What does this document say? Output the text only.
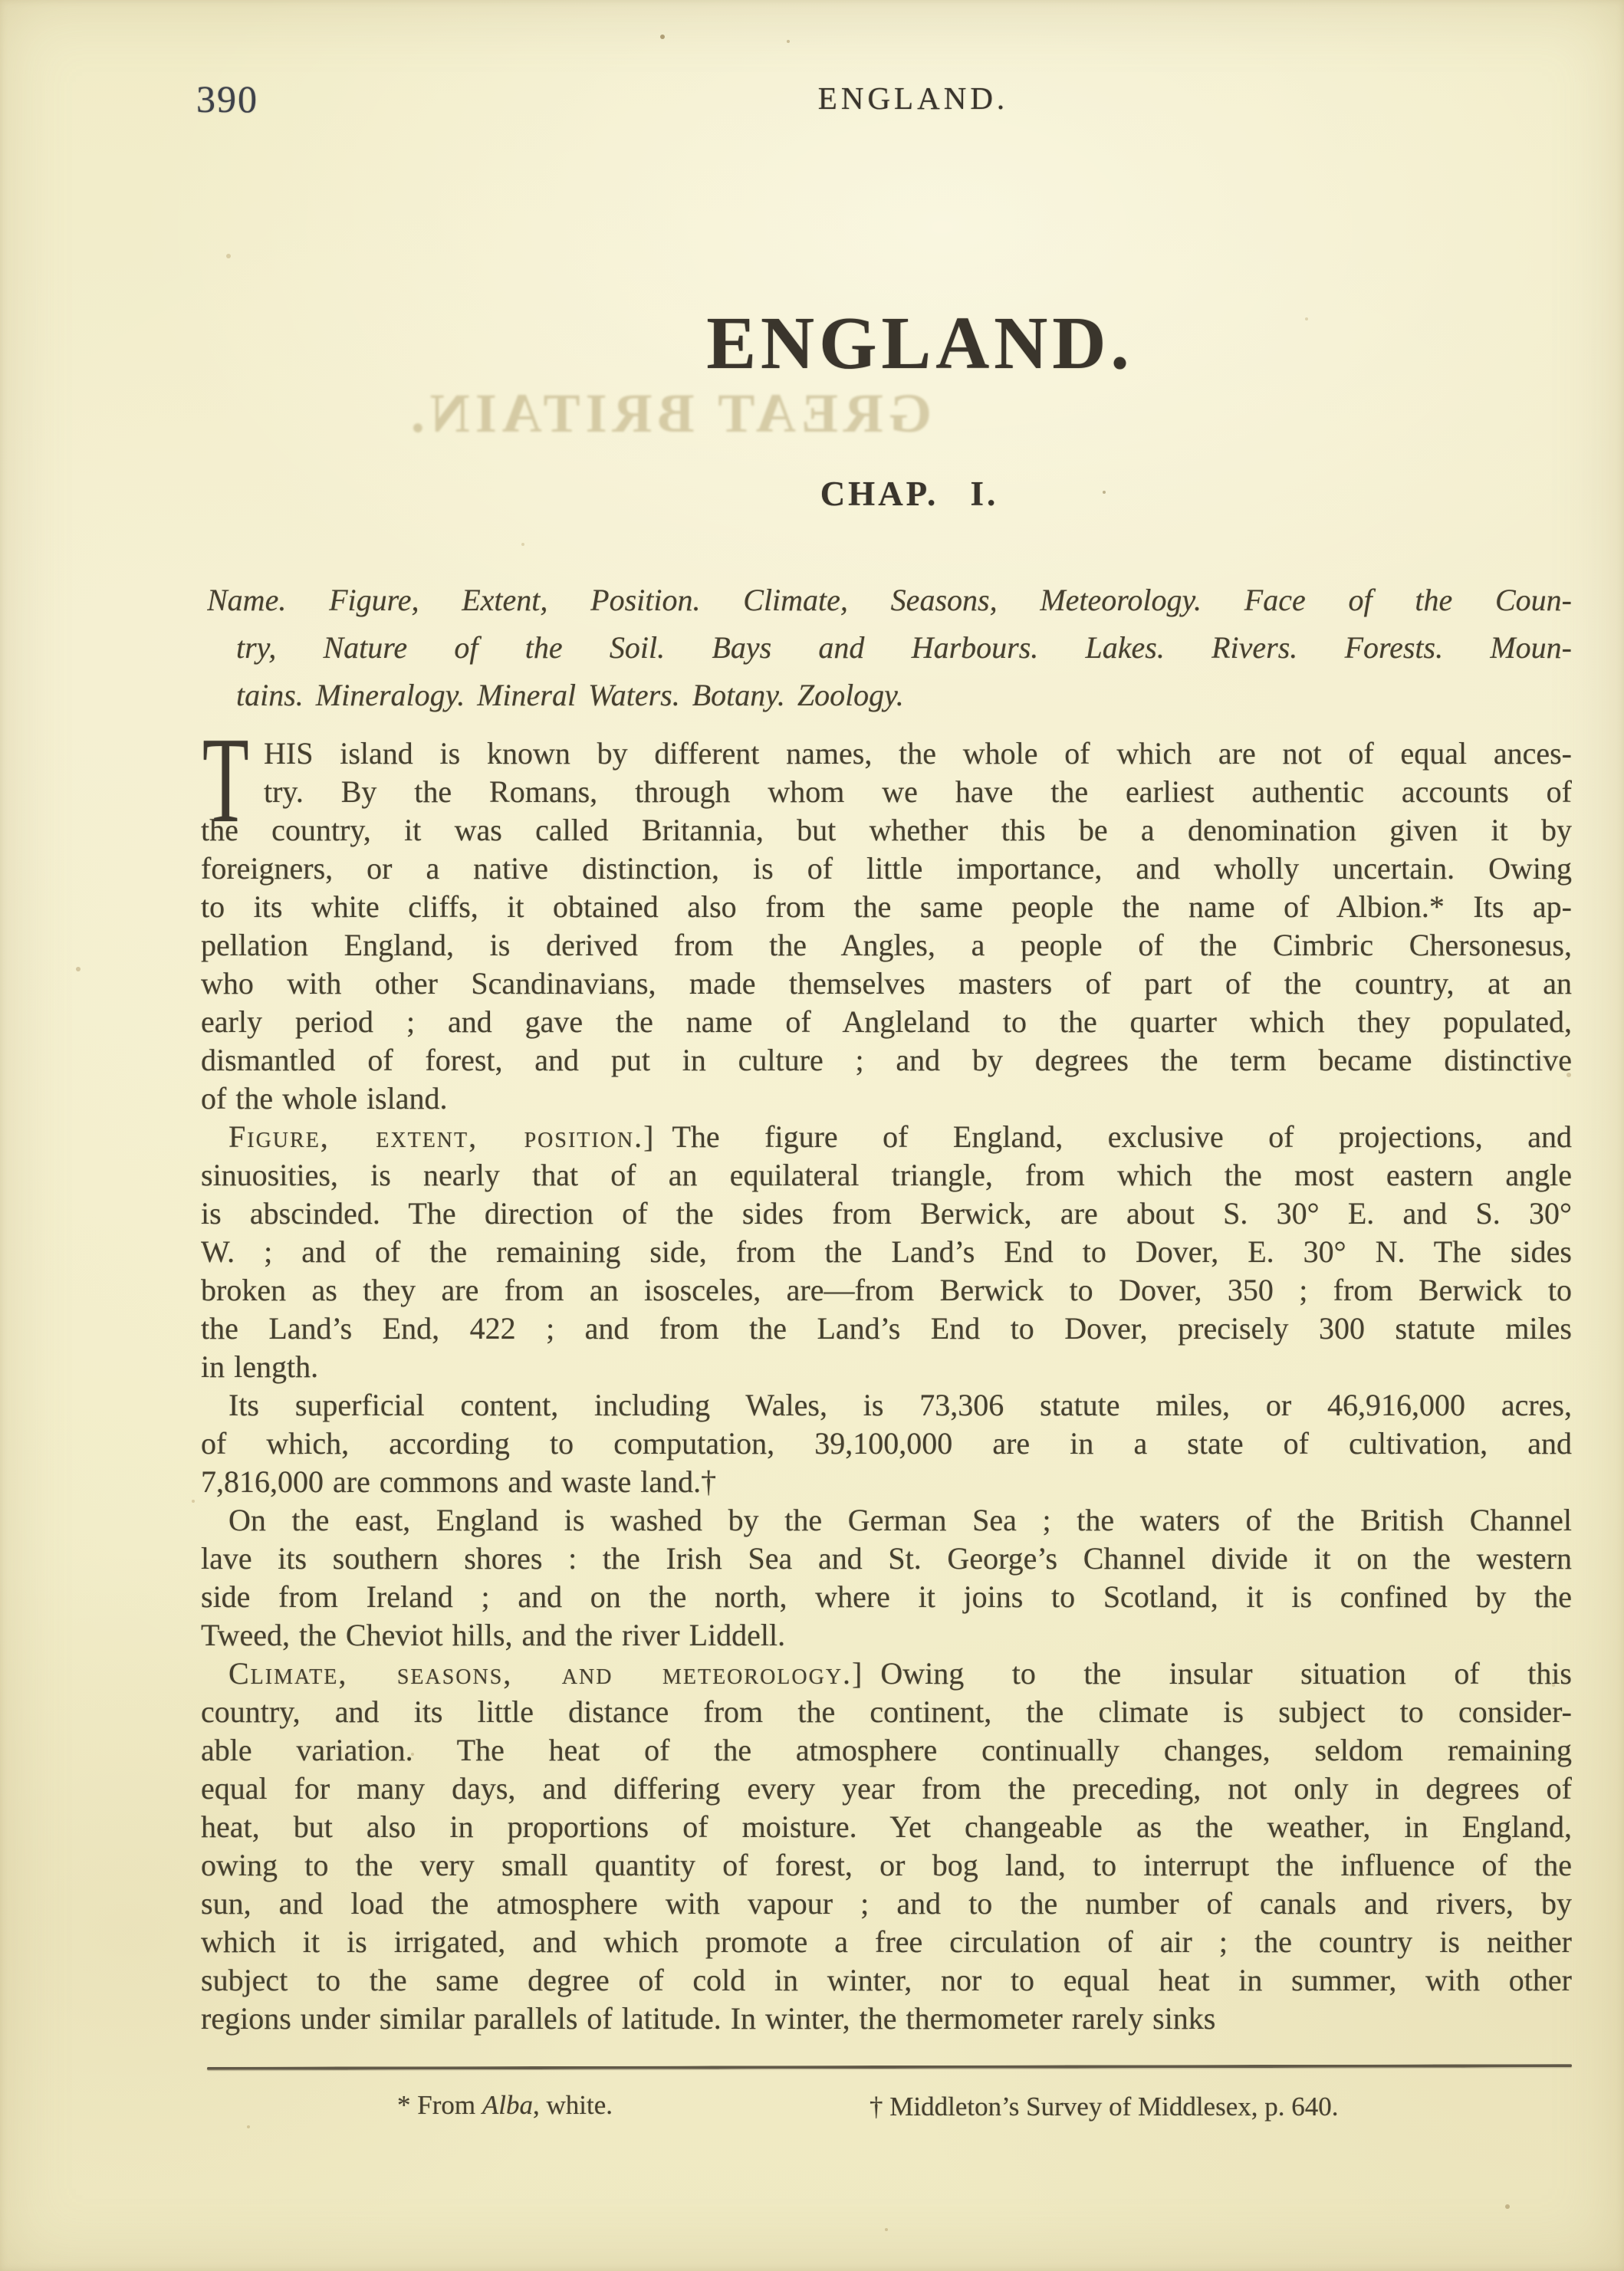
390	ENGLAND.
GREAT BRITAIN.
ENGLAND.
CHAP. I.
Name. Figure, Extent, Position. Climate, Seasons, Meteorology. Face of the Coun-
try, Nature of the Soil. Bays and Harbours. Lakes. Rivers. Forests. Moun-
tains. Mineralogy. Mineral Waters. Botany. Zoology.
T HIS island is known by different names, the whole of which are not of equal ances-
try. By the Romans, through whom we have the earliest authentic accounts of
the country, it was called Britannia, but whether this be a denomination given it by
foreigners, or a native distinction, is of little importance, and wholly uncertain. Owing
to its white cliffs, it obtained also from the same people the name of Albion.* Its ap-
pellation England, is derived from the Angles, a people of the Cimbric Chersonesus,
who with other Scandinavians, made themselves masters of part of the country, at an
early period ; and gave the name of Angleland to the quarter which they populated,
dismantled of forest, and put in culture ; and by degrees the term became distinctive
of the whole island.
Figure, extent, position.] The figure of England, exclusive of projections, and
sinuosities, is nearly that of an equilateral triangle, from which the most eastern angle
is abscinded. The direction of the sides from Berwick, are about S. 30° E. and S. 30°
W. ; and of the remaining side, from the Land’s End to Dover, E. 30° N. The sides
broken as they are from an isosceles, are—from Berwick to Dover, 350 ; from Berwick to
the Land’s End, 422 ; and from the Land’s End to Dover, precisely 300 statute miles
in length.
Its superficial content, including Wales, is 73,306 statute miles, or 46,916,000 acres,
of which, according to computation, 39,100,000 are in a state of cultivation, and
7,816,000 are commons and waste land.†
On the east, England is washed by the German Sea ; the waters of the British Channel
lave its southern shores : the Irish Sea and St. George’s Channel divide it on the western
side from Ireland ; and on the north, where it joins to Scotland, it is confined by the
Tweed, the Cheviot hills, and the river Liddell.
Climate, seasons, and meteorology.] Owing to the insular situation of this
country, and its little distance from the continent, the climate is subject to consider-
able variation. The heat of the atmosphere continually changes, seldom remaining
equal for many days, and differing every year from the preceding, not only in degrees of
heat, but also in proportions of moisture. Yet changeable as the weather, in England,
owing to the very small quantity of forest, or bog land, to interrupt the influence of the
sun, and load the atmosphere with vapour ; and to the number of canals and rivers, by
which it is irrigated, and which promote a free circulation of air ; the country is neither
subject to the same degree of cold in winter, nor to equal heat in summer, with other
regions under similar parallels of latitude. In winter, the thermometer rarely sinks
* From Alba, white.	† Middleton’s Survey of Middlesex, p. 640.
